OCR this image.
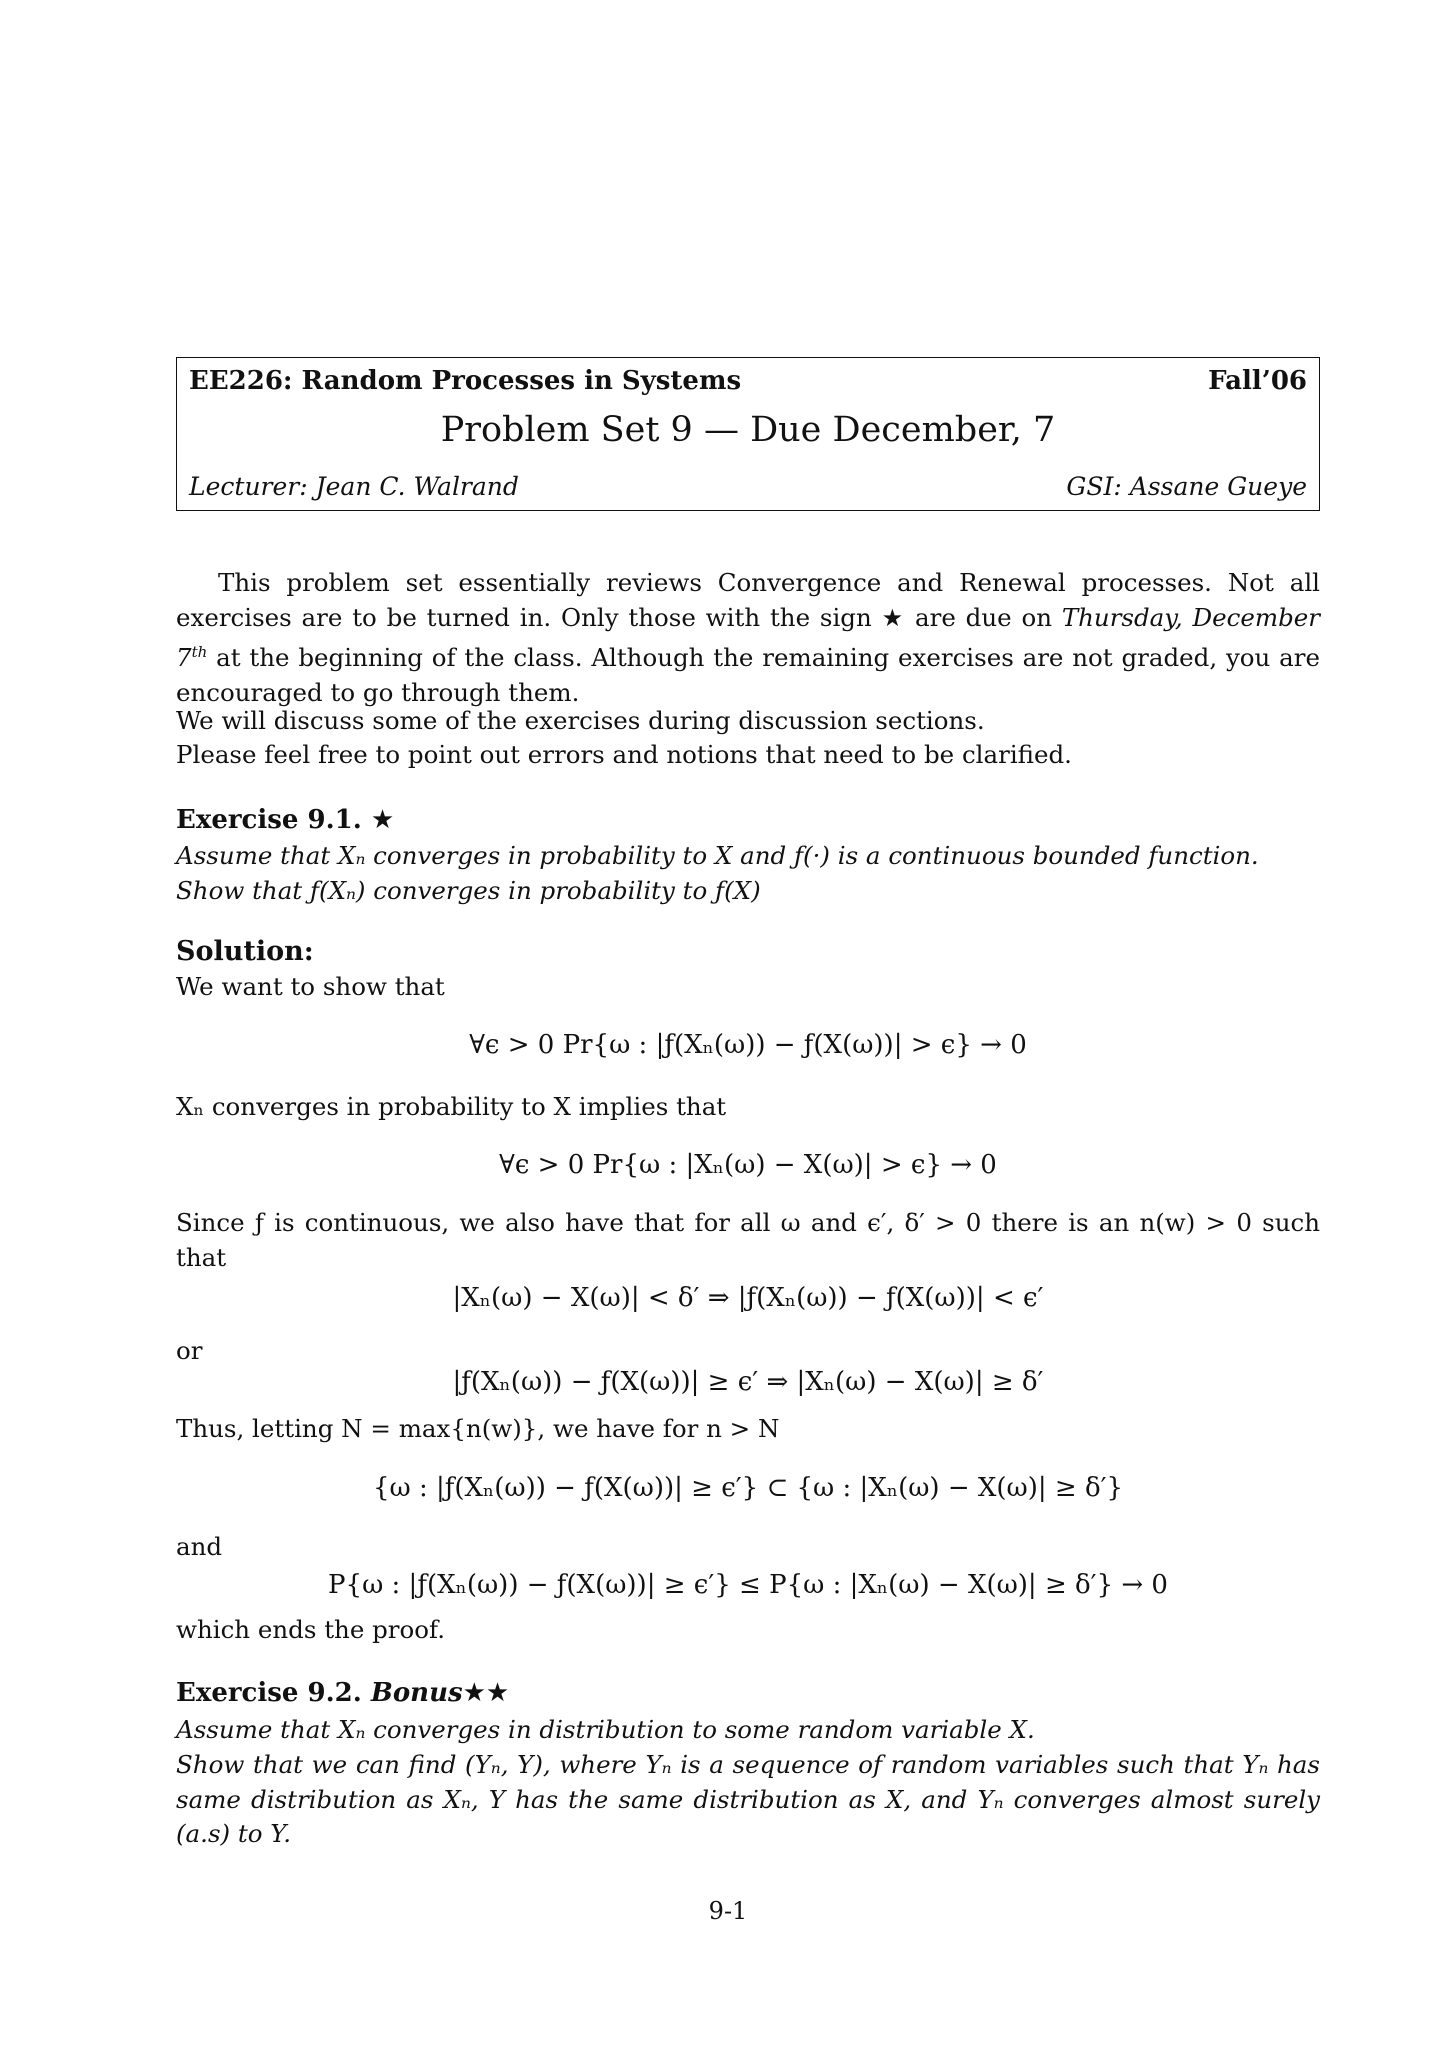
EE226: Random Processes in Systems	Fall’06
Problem Set 9 — Due December, 7
Lecturer: Jean C. Walrand	GSI: Assane Gueye
This problem set essentially reviews Convergence and Renewal processes. Not all exercises are to be turned in. Only those with the sign ★ are due on Thursday, December 7th at the beginning of the class. Although the remaining exercises are not graded, you are encouraged to go through them.
We will discuss some of the exercises during discussion sections.
Please feel free to point out errors and notions that need to be clarified.
Exercise 9.1. ★
Assume that Xₙ converges in probability to X and ƒ(·) is a continuous bounded function.
Show that ƒ(Xₙ) converges in probability to ƒ(X)
Solution:
We want to show that
∀ϵ > 0 Pr{ω : |ƒ(Xₙ(ω)) − ƒ(X(ω))| > ϵ} → 0
Xₙ converges in probability to X implies that
∀ϵ > 0 Pr{ω : |Xₙ(ω) − X(ω)| > ϵ} → 0
Since ƒ is continuous, we also have that for all ω and ϵ′, δ′ > 0 there is an n(w) > 0 such that
|Xₙ(ω) − X(ω)| < δ′ ⇒ |ƒ(Xₙ(ω)) − ƒ(X(ω))| < ϵ′
or
|ƒ(Xₙ(ω)) − ƒ(X(ω))| ≥ ϵ′ ⇒ |Xₙ(ω) − X(ω)| ≥ δ′
Thus, letting N = max{n(w)}, we have for n > N
{ω : |ƒ(Xₙ(ω)) − ƒ(X(ω))| ≥ ϵ′} ⊂ {ω : |Xₙ(ω) − X(ω)| ≥ δ′}
and
P{ω : |ƒ(Xₙ(ω)) − ƒ(X(ω))| ≥ ϵ′} ≤ P{ω : |Xₙ(ω) − X(ω)| ≥ δ′} → 0
which ends the proof.
Exercise 9.2. Bonus★★
Assume that Xₙ converges in distribution to some random variable X.
Show that we can find (Yₙ, Y), where Yₙ is a sequence of random variables such that Yₙ has same distribution as Xₙ, Y has the same distribution as X, and Yₙ converges almost surely (a.s) to Y.
9-1
